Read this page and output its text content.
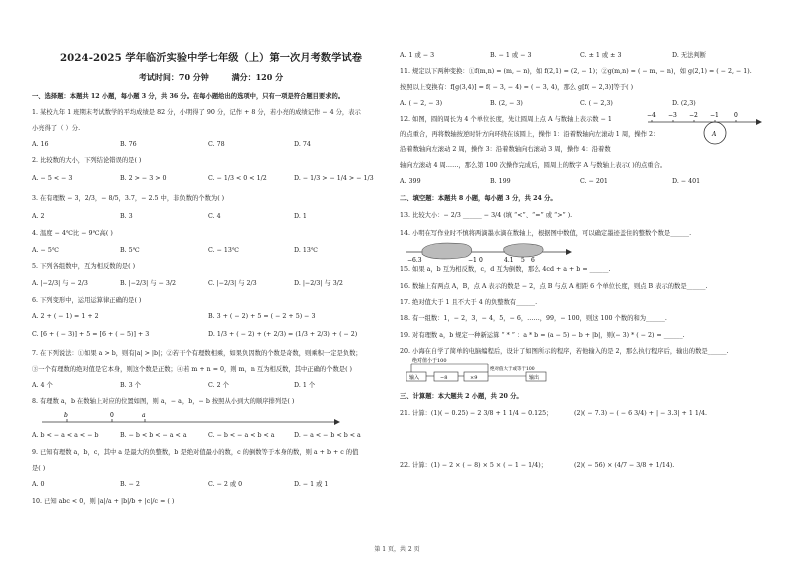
2024-2025 学年临沂实验中学七年级（上）第一次月考数学试卷
考试时间：70 分钟	满分：120 分
一、选择题：本题共 12 小题，每小题 3 分，共 36 分。在每小题给出的选项中，只有一项是符合题目要求的。
1. 某校九年 1 班期末考试数学的平均成绩是 82 分，小明得了 90 分，记作 + 8 分，若小亮的成绩记作 − 4 分，表示
小亮得了（ ）分.
A. 16	B. 76	C. 78	D. 74
2. 比较数的大小，下列结论错误的是( )
A. − 5 < − 3	B. 2 > − 3 > 0	C. − 1/3 < 0 < 1/2	D. − 1/3 > − 1/4 > − 1/3
3. 在有理数 − 3，2/3，− 8/5，3.7，− 2.5 中，非负数的个数为( )
A. 2	B. 3	C. 4	D. 1
4. 温度 − 4℃比 − 9℃高( )
A. − 5℃	B. 5℃	C. − 13℃	D. 13℃
5. 下列各组数中，互为相反数的是( )
A. |−2/3| 与 − 2/3	B. |−2/3| 与 − 3/2	C. |−2/3| 与 2/3	D. |−2/3| 与 3/2
6. 下列变形中，运用运算律正确的是( )
A. 2 + ( − 1) = 1 + 2	B. 3 + ( − 2) + 5 = ( − 2 + 5) − 3
C. [6 + ( − 3)] + 5 = [6 + ( − 5)] + 3	D. 1/3 + ( − 2) + (+ 2/3) = (1/3 + 2/3) + ( − 2)
7. 在下列说法：①如果 a > b，则有|a| > |b|；②若干个有理数相乘，如果负因数的个数是奇数，则乘积一定是负数；
③一个有理数的绝对值是它本身，则这个数是正数；④若 m + n = 0，则 m，n 互为相反数，其中正确的个数是( )
A. 4 个	B. 3 个	C. 2 个	D. 1 个
8. 有理数 a，b 在数轴上对应的位置如图，则 a，− a，b，− b 按照从小到大的顺序排列是( )
b	0	a
A. b < − a < a < − b	B. − b < b < − a < a	C. − b < − a < b < a	D. − a < − b < b < a
9. 已知有理数 a，b，c，其中 a 是最大的负整数，b 是绝对值最小的数，c 的倒数等于本身的数，则 a + b + c 的值
是( )
A. 0	B. − 2	C. − 2 或 0	D. − 1 或 1
10. 已知 abc < 0，则 |a|/a + |b|/b + |c|/c = ( )
A. 1 或 − 3	B. − 1 或 − 3	C. ± 1 或 ± 3	D. 无法判断
11. 规定以下两种变换：①f(m,n) = (m, − n)，如 f(2,1) = (2, − 1)；②g(m,n) = ( − m, − n)，如 g(2,1) = ( − 2, − 1).
按照以上变换有：f[g(3,4)] = f( − 3, − 4) = ( − 3, 4)，那么 g[f( − 2,3)]等于( )
A. ( − 2, − 3)	B. (2, − 3)	C. ( − 2,3)	D. (2,3)
12. 如图，圆的周长为 4 个单位长度，先让圆周上点 A 与数轴上表示数 − 1
的点重合，再将数轴按逆时针方向环绕在该圆上，操作 1：沿着数轴向左滚动 1 周，操作 2：
沿着数轴向左滚动 2 周，操作 3：沿着数轴向右滚动 3 周，操作 4：沿着数
轴向左滚动 4 周……，那么第 100 次操作完成后，圆周上的数字 A 与数轴上表示( )的点重合。
−4 −3 −2 −1	0
A
A. 399	B. 199	C. − 201	D. − 401
二、填空题：本题共 8 小题，每小题 3 分，共 24 分。
13. 比较大小：− 2/3 ______ − 3/4 (填 “<”、“=” 或 “>” ).
14. 小明在写作业时不慎将两滴墨水滴在数轴上，根据图中数值，可以确定墨迹盖住的整数个数是______.
−6.3	−1 0	4.1 5 6
15. 如果 a，b 互为相反数，c，d 互为倒数，那么 4cd + a + b = ______.
16. 数轴上有两点 A，B，点 A 表示的数是 − 2，点 B 与点 A 相距 6 个单位长度，则点 B 表示的数是______.
17. 绝对值大于 1 且不大于 4 的负整数有______.
18. 有一组数：1，− 2，3，− 4，5，− 6，……，99，− 100，则这 100 个数的和为______.
19. 对有理数 a，b 规定一种新运算 “ * ” ：a * b = (a − 5) − b + |b|，则(− 3) * ( − 2) = ______.
20. 小海在自学了简单的电脑编程后，设计了如图所示的程序，若他输入的是 2，那么执行程序后，输出的数是______.
绝对值小于100
输入	−8	×9
绝对值大于或等于100
输出
三、计算题：本大题共 2 小题，共 20 分。
21. 计算：(1)( − 0.25) − 2 3/8 + 1 1/4 − 0.125；	(2)( − 7.3) − ( − 6 3/4) + | − 3.3| + 1 1/4.
22. 计算：(1) − 2 × ( − 8) × 5 × ( − 1 − 1/4)；	(2)( − 56) × (4/7 − 3/8 + 1/14).
第 1 页，共 2 页
